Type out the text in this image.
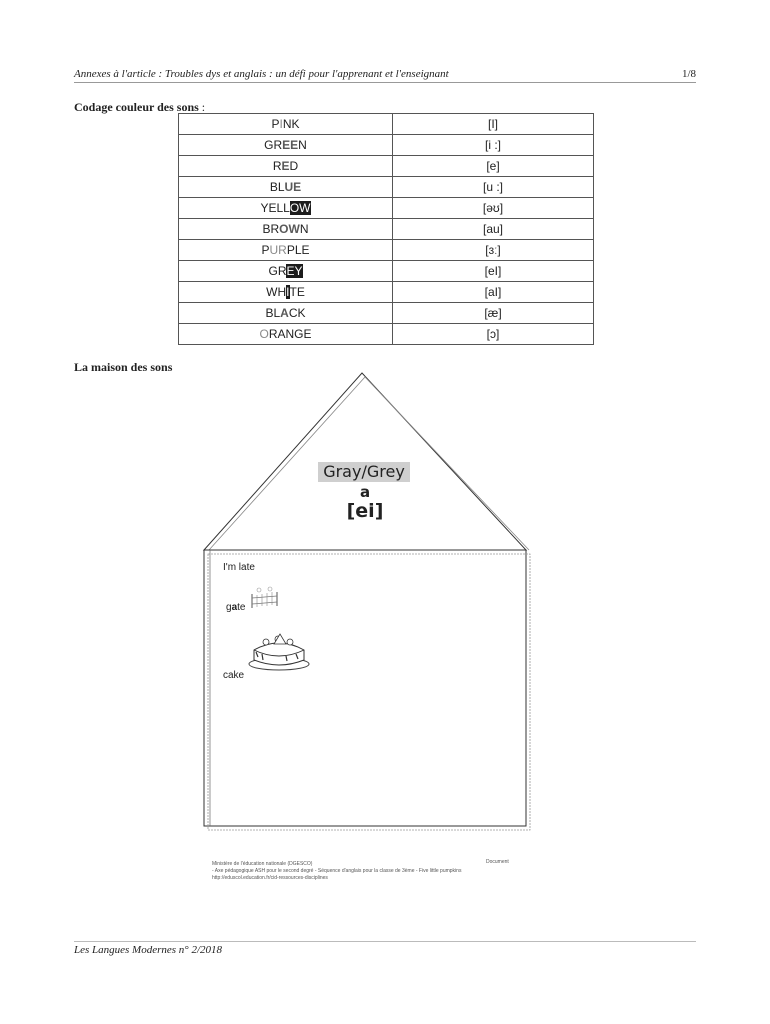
Annexes à l'article : Troubles dys et anglais : un défi pour l'apprenant et l'enseignant	1/8
Codage couleur des sons :
PINK	[I]
GREEN	[i :]
RED	[e]
BLUE	[u :]
YELLOW	[əʊ]
BROWN	[au]
PURPLE	[ɜː]
GREY	[eI]
WHITE	[aI]
BLACK	[æ]
ORANGE	[ɔ]
La maison des sons
Gray/Grey
a
[ei]
I'm late
gate
cake
Ministère de l'éducation nationale (DGESCO)
- Axe pédagogique ASH pour le second degré - Séquence d'anglais pour la classe de 3ème - Five little pumpkins
http://eduscol.education.fr/cid-ressources-disciplines
Document
Les Langues Modernes n° 2/2018
